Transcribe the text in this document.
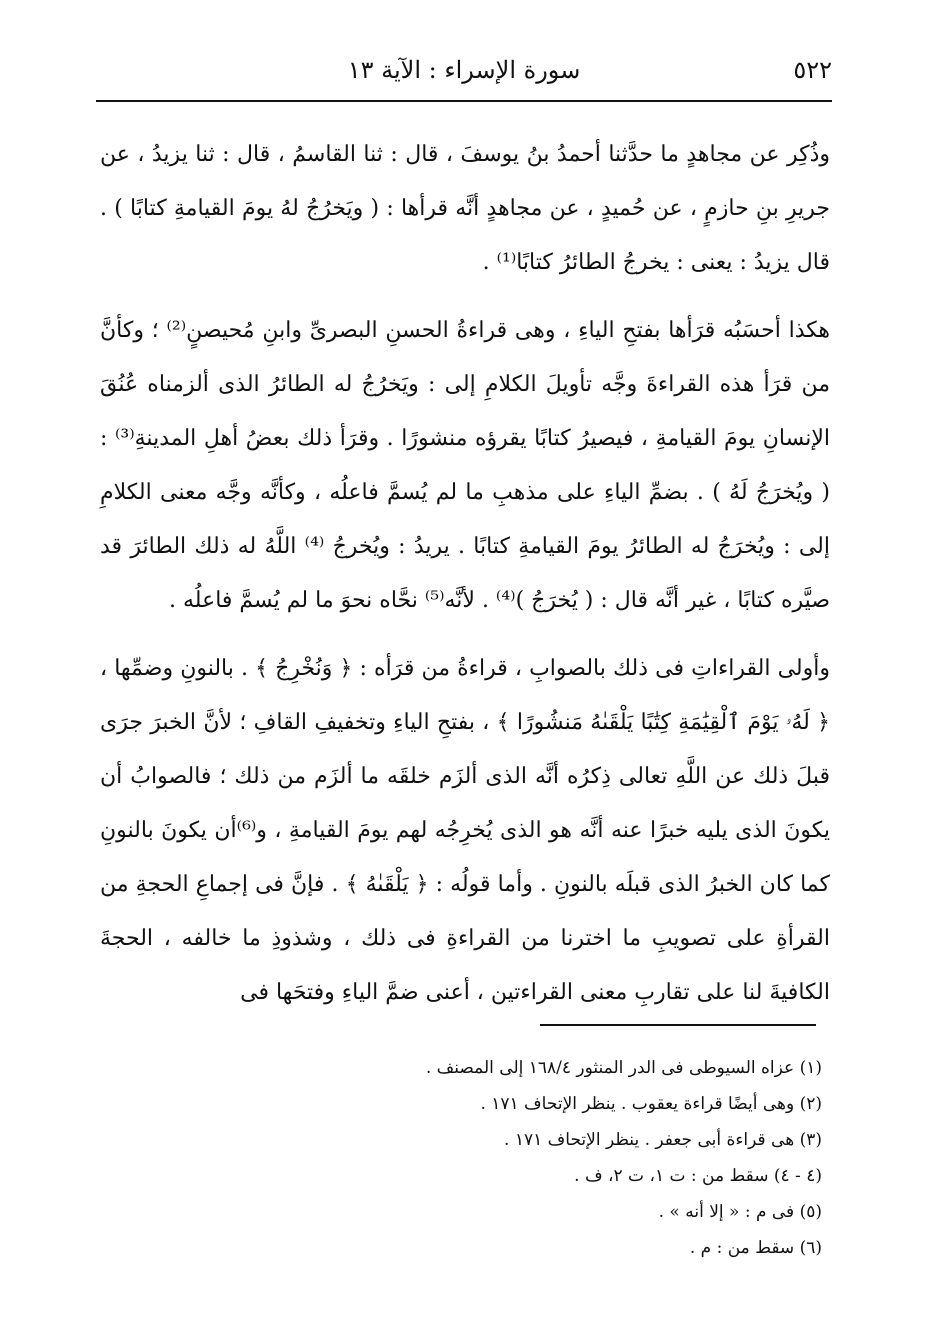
٥٢٢
سورة الإسراء : الآية ١٣

وذُكِر عن مجاهدٍ ما حدَّثنا أحمدُ بنُ يوسفَ ، قال : ثنا القاسمُ ، قال : ثنا يزيدُ ، عن جريرِ بنِ حازمٍ ، عن حُميدٍ ، عن مجاهدٍ أنَّه قرأها : ( ويَخرُجُ لهُ يومَ القيامةِ كتابًا ) . قال يزيدُ : يعنى : يخرجُ الطائرُ كتابًا⁽¹⁾ .

هكذا أحسَبُه قرَأها بفتحِ الياءِ ، وهى قراءةُ الحسنِ البصرىِّ وابنِ مُحيصنٍ⁽²⁾ ؛ وكأنَّ من قرَأ هذه القراءةَ وجَّه تأويلَ الكلامِ إلى : ويَخرُجُ له الطائرُ الذى ألزمناه عُنُقَ الإنسانِ يومَ القيامةِ ، فيصيرُ كتابًا يقرؤه منشورًا . وقرَأ ذلك بعضُ أهلِ المدينةِ⁽³⁾ : ( ويُخرَجُ لَهُ ) . بضمِّ الياءِ على مذهبِ ما لم يُسمَّ فاعلُه ، وكأنَّه وجَّه معنى الكلامِ إلى : ويُخرَجُ له الطائرُ يومَ القيامةِ كتابًا . يريدُ : ويُخرجُ ⁽⁴⁾ اللَّهُ له ذلك الطائرَ قد صيَّره كتابًا ، غير أنَّه قال : ( يُخرَجُ )⁽⁴⁾ . لأنَّه⁽⁵⁾ نحَّاه نحوَ ما لم يُسمَّ فاعلُه .

وأولى القراءاتِ فى ذلك بالصوابِ ، قراءةُ من قرَأه : ﴿ وَنُخْرِجُ ﴾ . بالنونِ وضمِّها ، ﴿ لَهُۥ يَوْمَ ٱلْقِيَٰمَةِ كِتَٰبًا يَلْقَىٰهُ مَنشُورًا ﴾ ، بفتحِ الياءِ وتخفيفِ القافِ ؛ لأنَّ الخبرَ جرَى قبلَ ذلك عن اللَّهِ تعالى ذِكرُه أنَّه الذى ألزَم خلقَه ما ألزَم من ذلك ؛ فالصوابُ أن يكونَ الذى يليه خبرًا عنه أنَّه هو الذى يُخرِجُه لهم يومَ القيامةِ ، و⁽⁶⁾أن يكونَ بالنونِ كما كان الخبرُ الذى قبلَه بالنونِ . وأما قولُه : ﴿ يَلْقَىٰهُ ﴾ . فإنَّ فى إجماعِ الحجةِ من القرأةِ على تصويبِ ما اخترنا من القراءةِ فى ذلك ، وشذوذِ ما خالفه ، الحجةَ الكافيةَ لنا على تقاربِ معنى القراءتين ، أعنى ضمَّ الياءِ وفتحَها فى

(١) عزاه السيوطى فى الدر المنثور ١٦٨/٤ إلى المصنف .

(٢) وهى أيضًا قراءة يعقوب . ينظر الإتحاف ١٧١ .

(٣) هى قراءة أبى جعفر . ينظر الإتحاف ١٧١ .

(٤ - ٤) سقط من : ت ١، ت ٢، ف .

(٥) فى م : « إلا أنه » .

(٦) سقط من : م .
